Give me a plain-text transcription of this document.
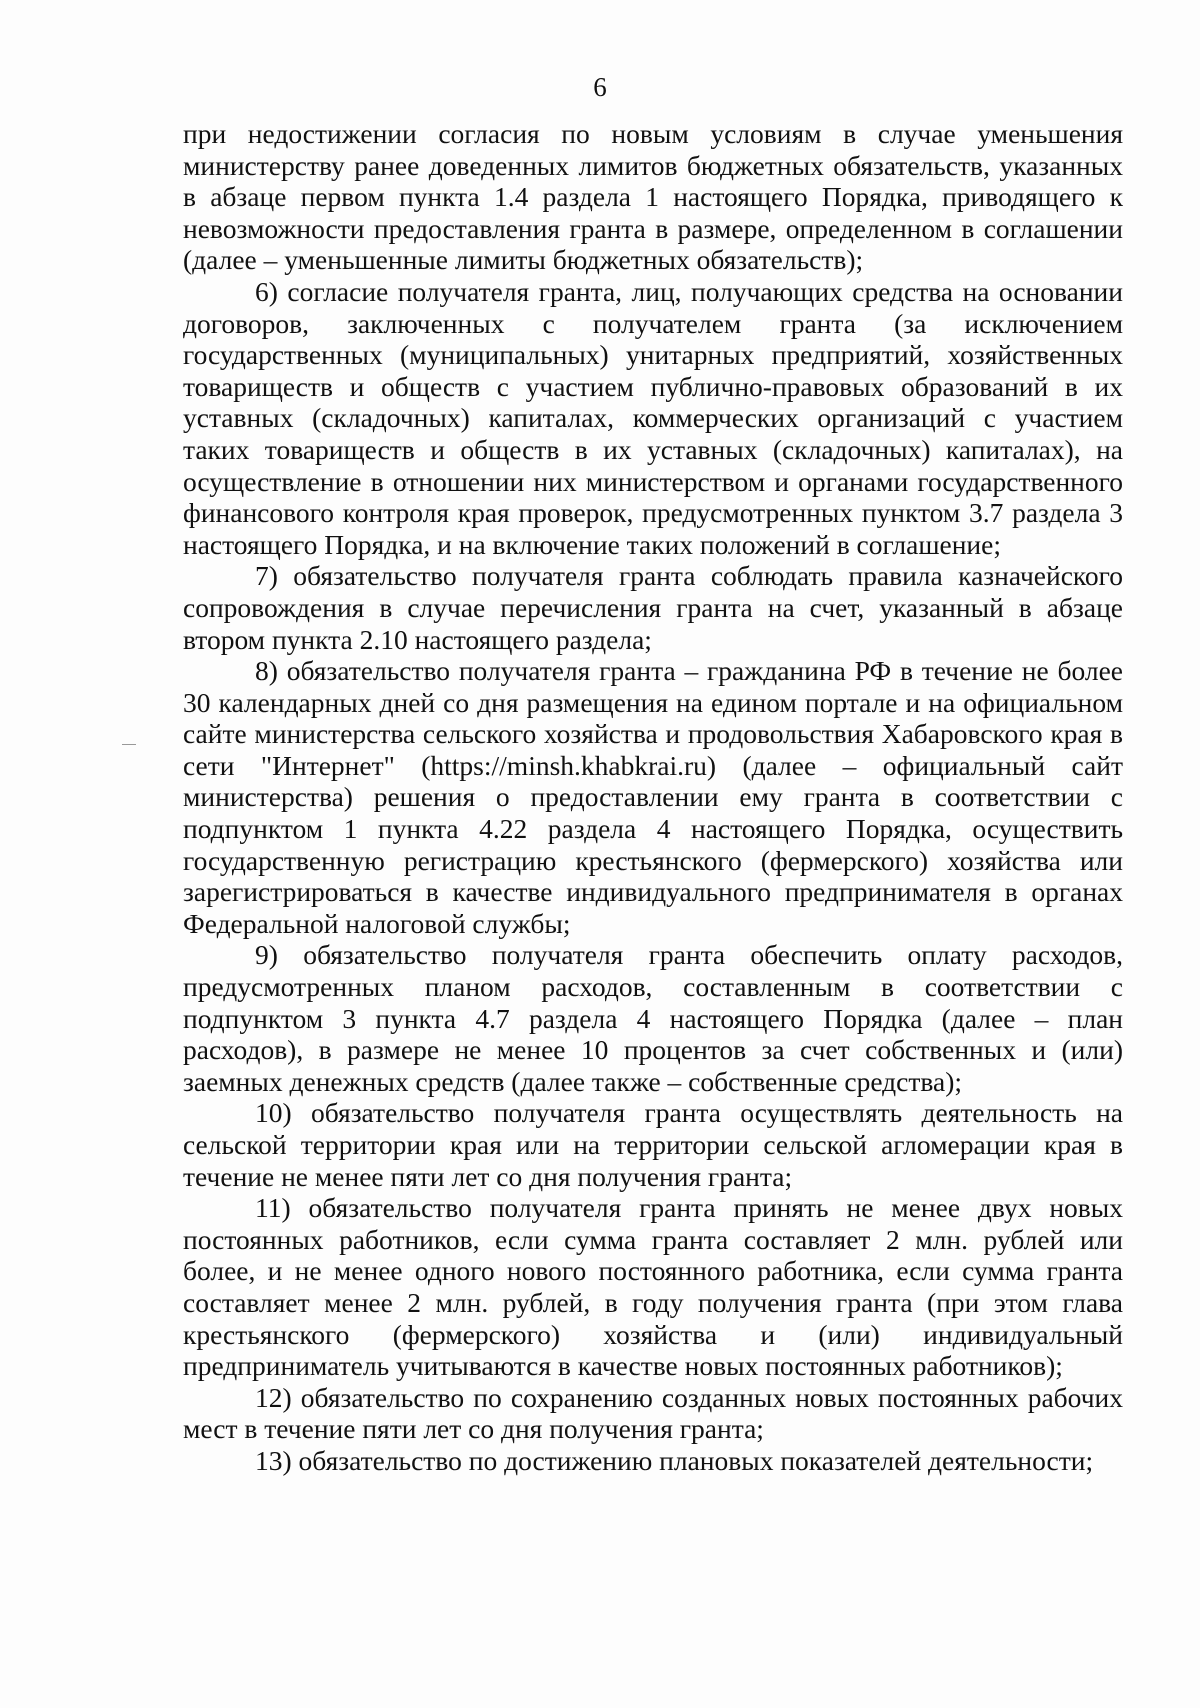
6

при недостижении согласия по новым условиям в случае уменьшения министерству ранее доведенных лимитов бюджетных обязательств, указанных в абзаце первом пункта 1.4 раздела 1 настоящего Порядка, приводящего к невозможности предоставления гранта в размере, определенном в соглашении (далее – уменьшенные лимиты бюджетных обязательств);

6) согласие получателя гранта, лиц, получающих средства на основании договоров, заключенных с получателем гранта (за исключением государственных (муниципальных) унитарных предприятий, хозяйственных товариществ и обществ с участием публично-правовых образований в их уставных (складочных) капиталах, коммерческих организаций с участием таких товариществ и обществ в их уставных (складочных) капиталах), на осуществление в отношении них министерством и органами государственного финансового контроля края проверок, предусмотренных пунктом 3.7 раздела 3 настоящего Порядка, и на включение таких положений в соглашение;

7) обязательство получателя гранта соблюдать правила казначейского сопровождения в случае перечисления гранта на счет, указанный в абзаце втором пункта 2.10 настоящего раздела;

8) обязательство получателя гранта – гражданина РФ в течение не более 30 календарных дней со дня размещения на едином портале и на официальном сайте министерства сельского хозяйства и продовольствия Хабаровского края в сети "Интернет" (https://minsh.khabkrai.ru) (далее – официальный сайт министерства) решения о предоставлении ему гранта в соответствии с подпунктом 1 пункта 4.22 раздела 4 настоящего Порядка, осуществить государственную регистрацию крестьянского (фермерского) хозяйства или зарегистрироваться в качестве индивидуального предпринимателя в органах Федеральной налоговой службы;

9) обязательство получателя гранта обеспечить оплату расходов, предусмотренных планом расходов, составленным в соответствии с подпунктом 3 пункта 4.7 раздела 4 настоящего Порядка (далее – план расходов), в размере не менее 10 процентов за счет собственных и (или) заемных денежных средств (далее также – собственные средства);

10) обязательство получателя гранта осуществлять деятельность на сельской территории края или на территории сельской агломерации края в течение не менее пяти лет со дня получения гранта;

11) обязательство получателя гранта принять не менее двух новых постоянных работников, если сумма гранта составляет 2 млн. рублей или более, и не менее одного нового постоянного работника, если сумма гранта составляет менее 2 млн. рублей, в году получения гранта (при этом глава крестьянского (фермерского) хозяйства и (или) индивидуальный предприниматель учитываются в качестве новых постоянных работников);

12) обязательство по сохранению созданных новых постоянных рабочих мест в течение пяти лет со дня получения гранта;

13) обязательство по достижению плановых показателей деятельности;
